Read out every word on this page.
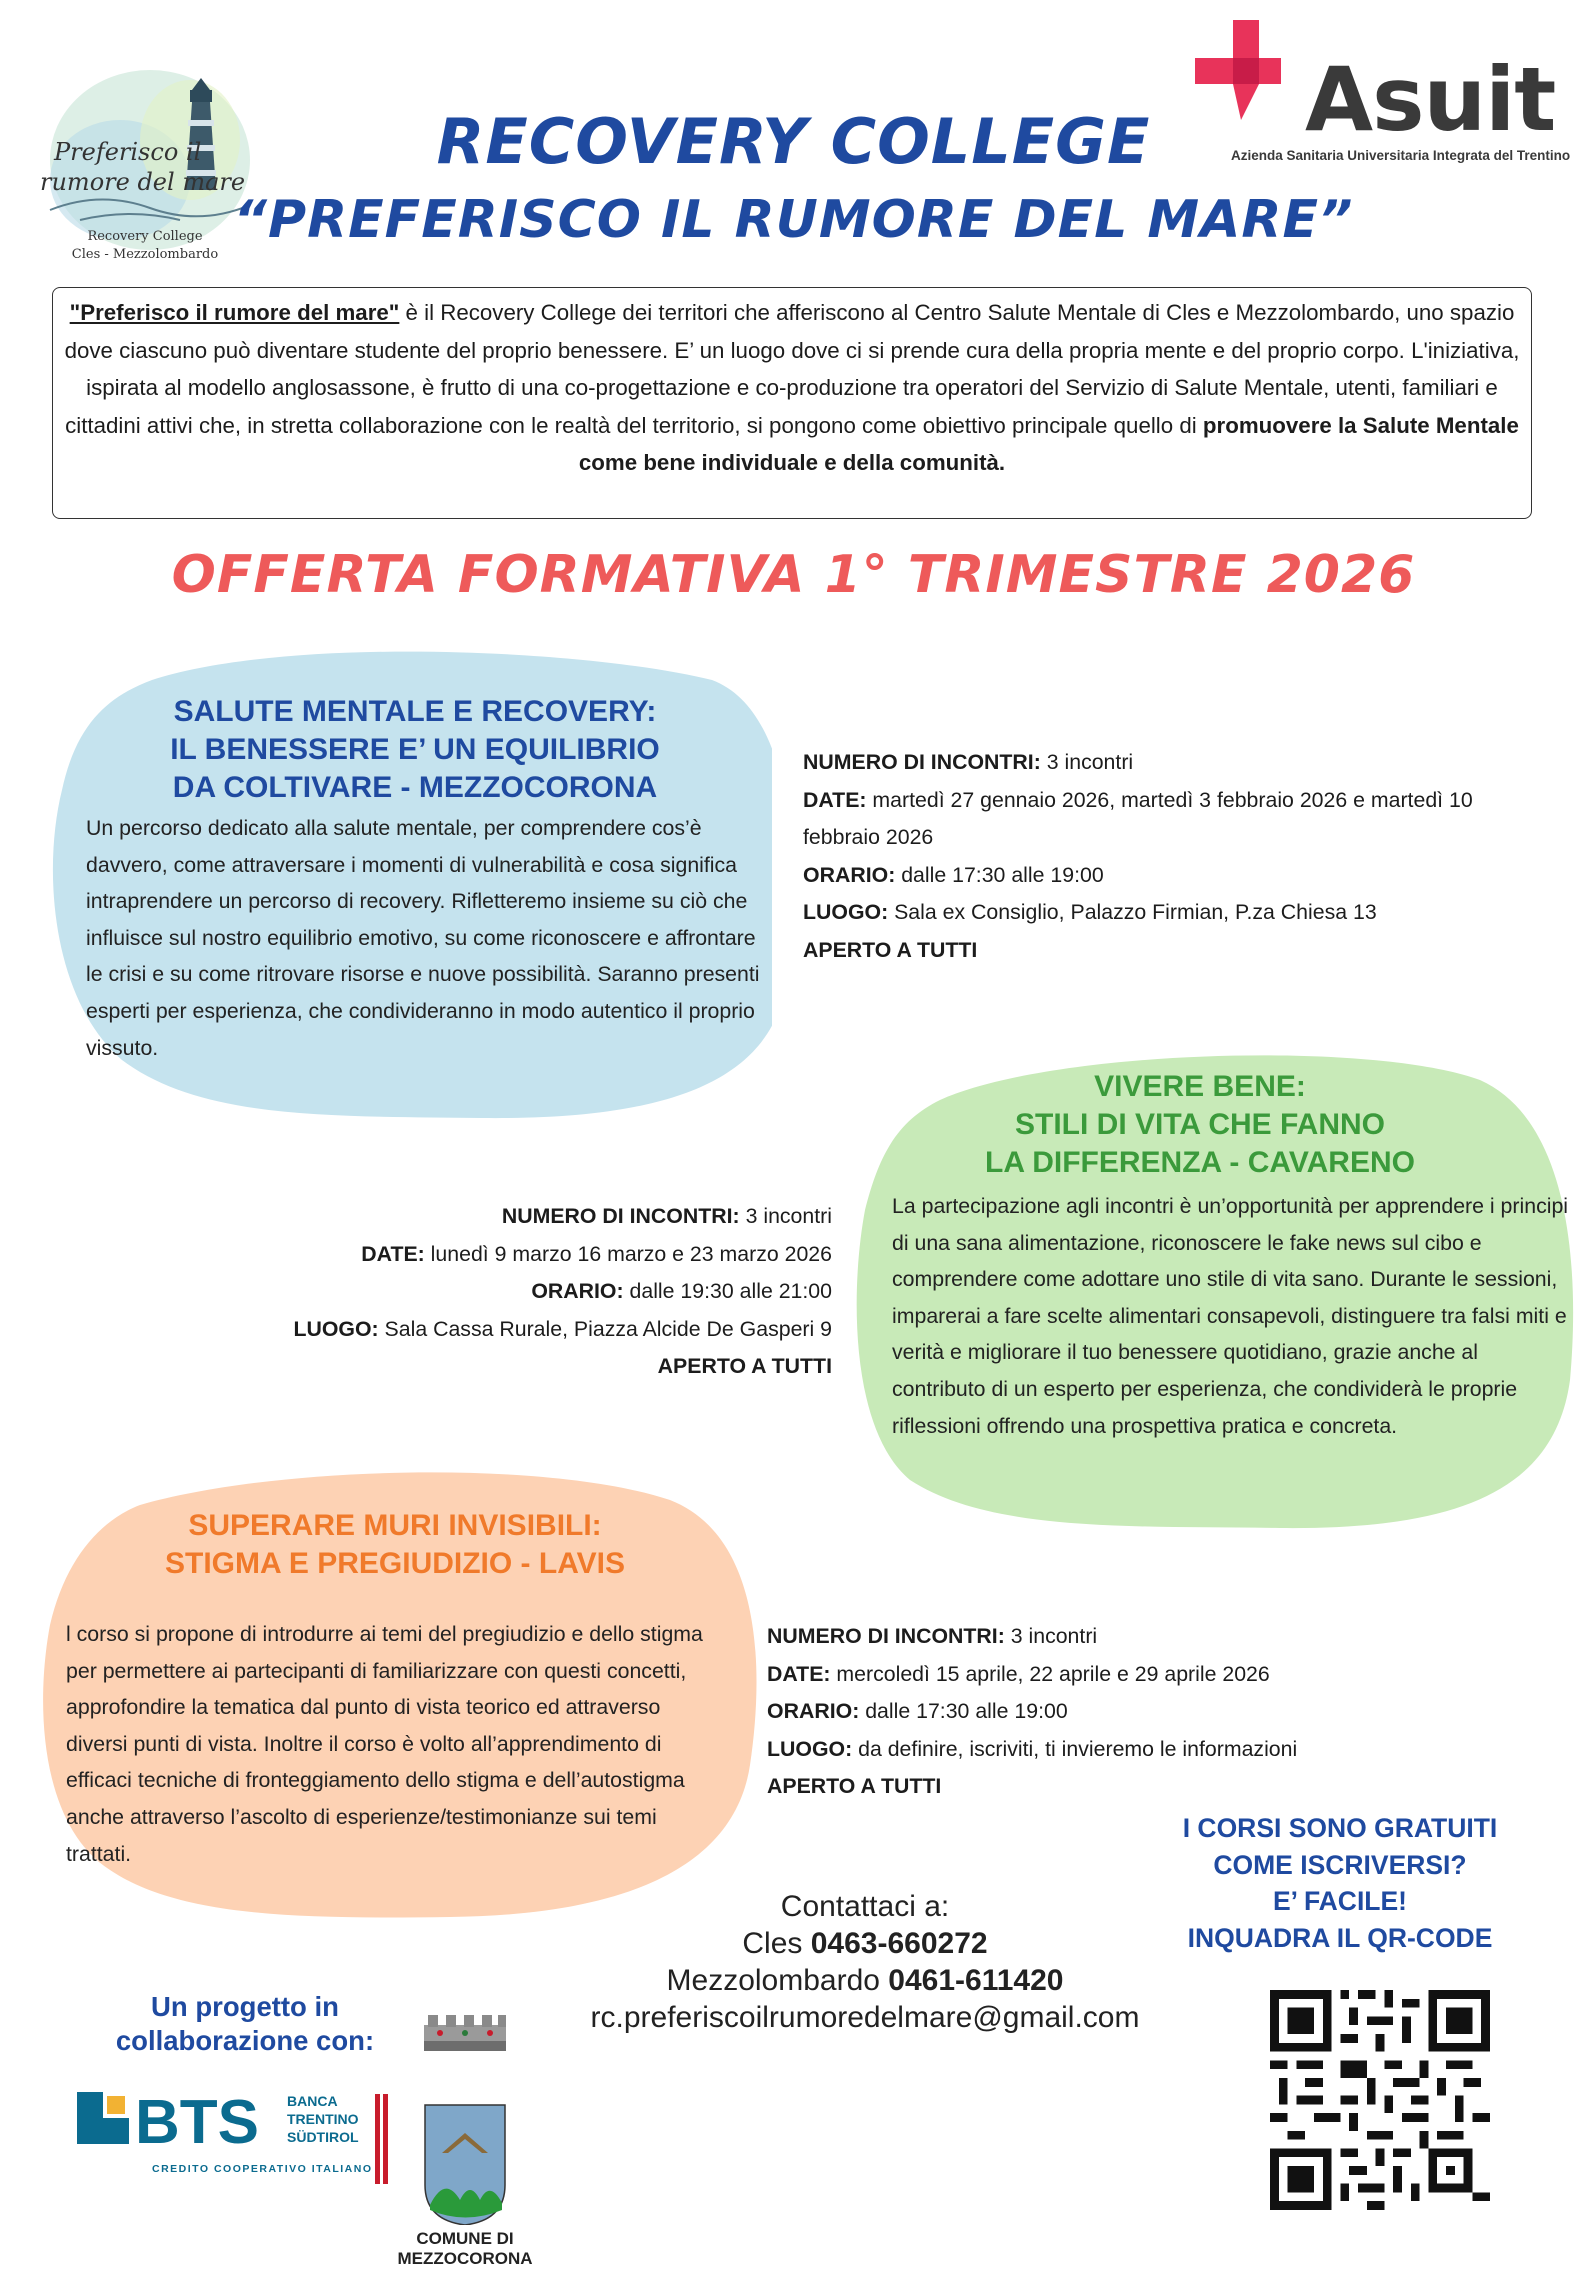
Preferisco il
rumore del mare
Recovery College
Cles - Mezzolombardo
Asuit
Azienda Sanitaria Universitaria Integrata del Trentino
RECOVERY COLLEGE
“PREFERISCO IL RUMORE DEL MARE”
"Preferisco il rumore del mare" è il Recovery College dei territori che afferiscono al Centro Salute Mentale di Cles e Mezzolombardo, uno spazio dove ciascuno può diventare studente del proprio benessere. E’ un luogo dove ci si prende cura della propria mente e del proprio corpo. L'iniziativa, ispirata al modello anglosassone, è frutto di una co-progettazione e co-produzione tra operatori del Servizio di Salute Mentale, utenti, familiari e cittadini attivi che, in stretta collaborazione con le realtà del territorio, si pongono come obiettivo principale quello di promuovere la Salute Mentale come bene individuale e della comunità.
OFFERTA FORMATIVA 1° TRIMESTRE 2026
SALUTE MENTALE E RECOVERY:
IL BENESSERE E’ UN EQUILIBRIO
DA COLTIVARE - MEZZOCORONA
Un percorso dedicato alla salute mentale, per comprendere cos’è davvero, come attraversare i momenti di vulnerabilità e cosa significa intraprendere un percorso di recovery. Rifletteremo insieme su ciò che influisce sul nostro equilibrio emotivo, su come riconoscere e affrontare le crisi e su come ritrovare risorse e nuove possibilità. Saranno presenti esperti per esperienza, che condivideranno in modo autentico il proprio vissuto.
NUMERO DI INCONTRI: 3 incontri
DATE: martedì 27 gennaio 2026, martedì 3 febbraio 2026 e martedì 10 febbraio 2026
ORARIO: dalle 17:30 alle 19:00
LUOGO: Sala ex Consiglio, Palazzo Firmian, P.za Chiesa 13
APERTO A TUTTI
VIVERE BENE:
STILI DI VITA CHE FANNO
LA DIFFERENZA - CAVARENO
La partecipazione agli incontri è un’opportunità per apprendere i principi di una sana alimentazione, riconoscere le fake news sul cibo e comprendere come adottare uno stile di vita sano. Durante le sessioni, imparerai a fare scelte alimentari consapevoli, distinguere tra falsi miti e verità e migliorare il tuo benessere quotidiano, grazie anche al contributo di un esperto per esperienza, che condividerà le proprie riflessioni offrendo una prospettiva pratica e concreta.
NUMERO DI INCONTRI: 3 incontri
DATE: lunedì 9 marzo 16 marzo e 23 marzo 2026
ORARIO: dalle 19:30 alle 21:00
LUOGO: Sala Cassa Rurale, Piazza Alcide De Gasperi 9
APERTO A TUTTI
SUPERARE MURI INVISIBILI:
STIGMA E PREGIUDIZIO - LAVIS
l corso si propone di introdurre ai temi del pregiudizio e dello stigma per permettere ai partecipanti di familiarizzare con questi concetti, approfondire la tematica dal punto di vista teorico ed attraverso diversi punti di vista. Inoltre il corso è volto all’apprendimento di efficaci tecniche di fronteggiamento dello stigma e dell’autostigma anche attraverso l’ascolto di esperienze/testimonianze sui temi trattati.
NUMERO DI INCONTRI: 3 incontri
DATE: mercoledì 15 aprile, 22 aprile e 29 aprile 2026
ORARIO: dalle 17:30 alle 19:00
LUOGO: da definire, iscriviti, ti invieremo le informazioni
APERTO A TUTTI
I CORSI SONO GRATUITI
COME ISCRIVERSI?
E’ FACILE!
INQUADRA IL QR-CODE
Contattaci a:
Cles 0463-660272
Mezzolombardo 0461-611420
rc.preferiscoilrumoredelmare@gmail.com
Un progetto in
collaborazione con:
BTS BANCA
TRENTINO
SÜDTIROL
CREDITO COOPERATIVO ITALIANO
COMUNE DI
MEZZOCORONA
